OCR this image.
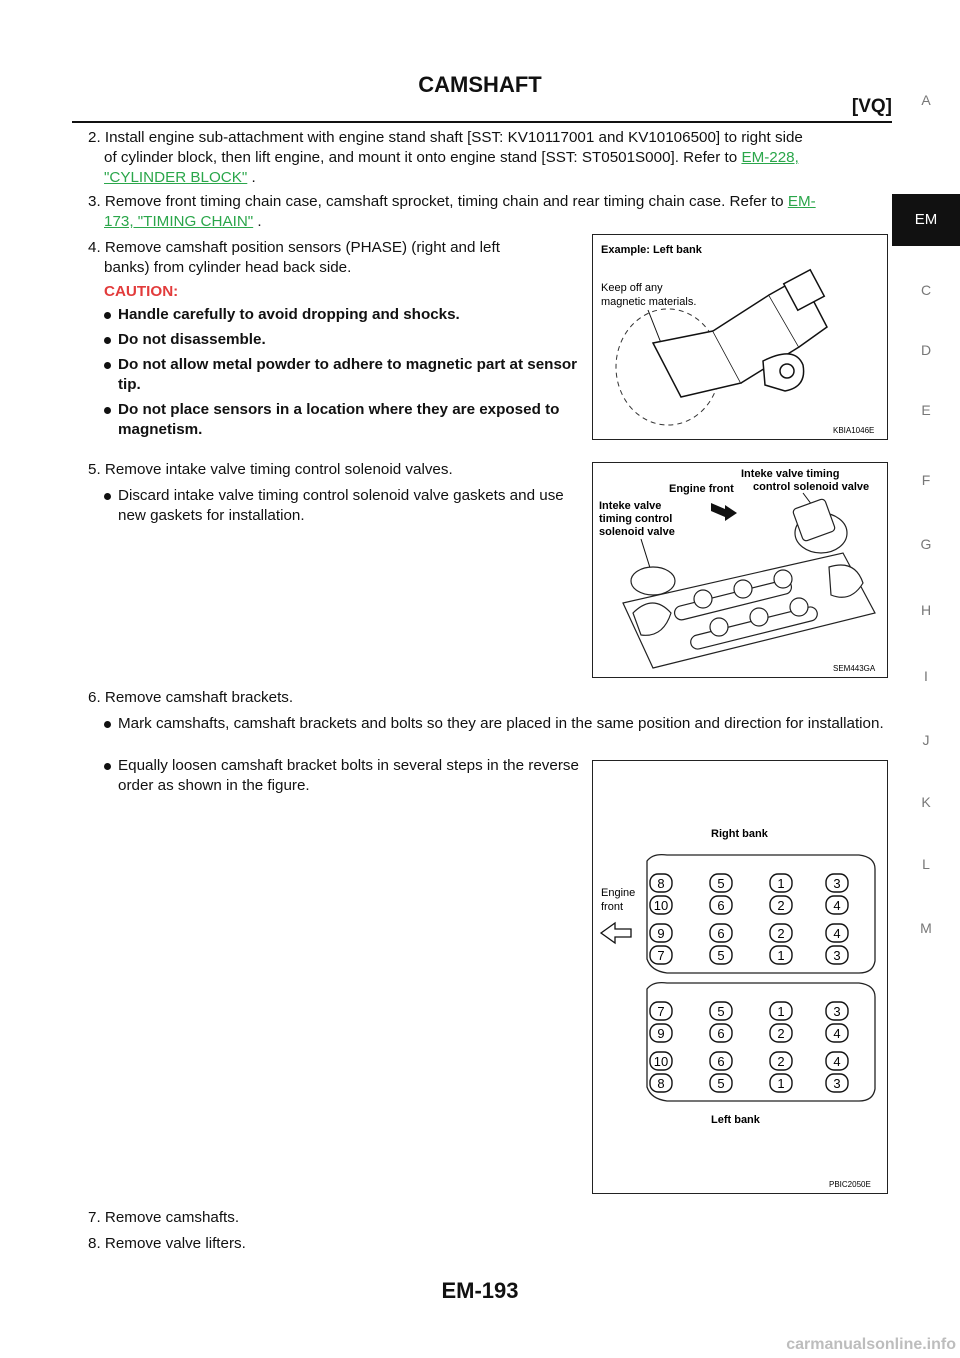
CAMSHAFT
[VQ]
2. Install engine sub-attachment with engine stand shaft [SST: KV10117001 and KV10106500] to right side
of cylinder block, then lift engine, and mount it onto engine stand [SST: ST0501S000]. Refer to EM-228,
"CYLINDER BLOCK" .
3. Remove front timing chain case, camshaft sprocket, timing chain and rear timing chain case. Refer to EM-
173, "TIMING CHAIN" .
4. Remove camshaft position sensors (PHASE) (right and left
banks) from cylinder head back side.
CAUTION:
Handle carefully to avoid dropping and shocks.
Do not disassemble.
Do not allow metal powder to adhere to magnetic part at sensor tip.
Do not place sensors in a location where they are exposed to magnetism.
Example: Left bank
Keep off any
magnetic materials.
KBIA1046E
5. Remove intake valve timing control solenoid valves.
Discard intake valve timing control solenoid valve gaskets and use new gaskets for installation.
Inteke valve timing
control solenoid valve
Engine front
Inteke valve
timing control
solenoid valve
SEM443GA
6. Remove camshaft brackets.
Mark camshafts, camshaft brackets and bolts so they are placed in the same position and direction for installation.
Equally loosen camshaft bracket bolts in several steps in the reverse order as shown in the figure.
Right bank
Engine
front
8	5	1	3
10	6	2	4
9	6	2	4
7	5	1	3
7	5	1	3
9	6	2	4
10	6	2	4
8	5	1	3
Left bank
PBIC2050E
7. Remove camshafts.
8. Remove valve lifters.
EM-193
carmanualsonline.info
A
EM
C
D
E
F
G
H
I
J
K
L
M
